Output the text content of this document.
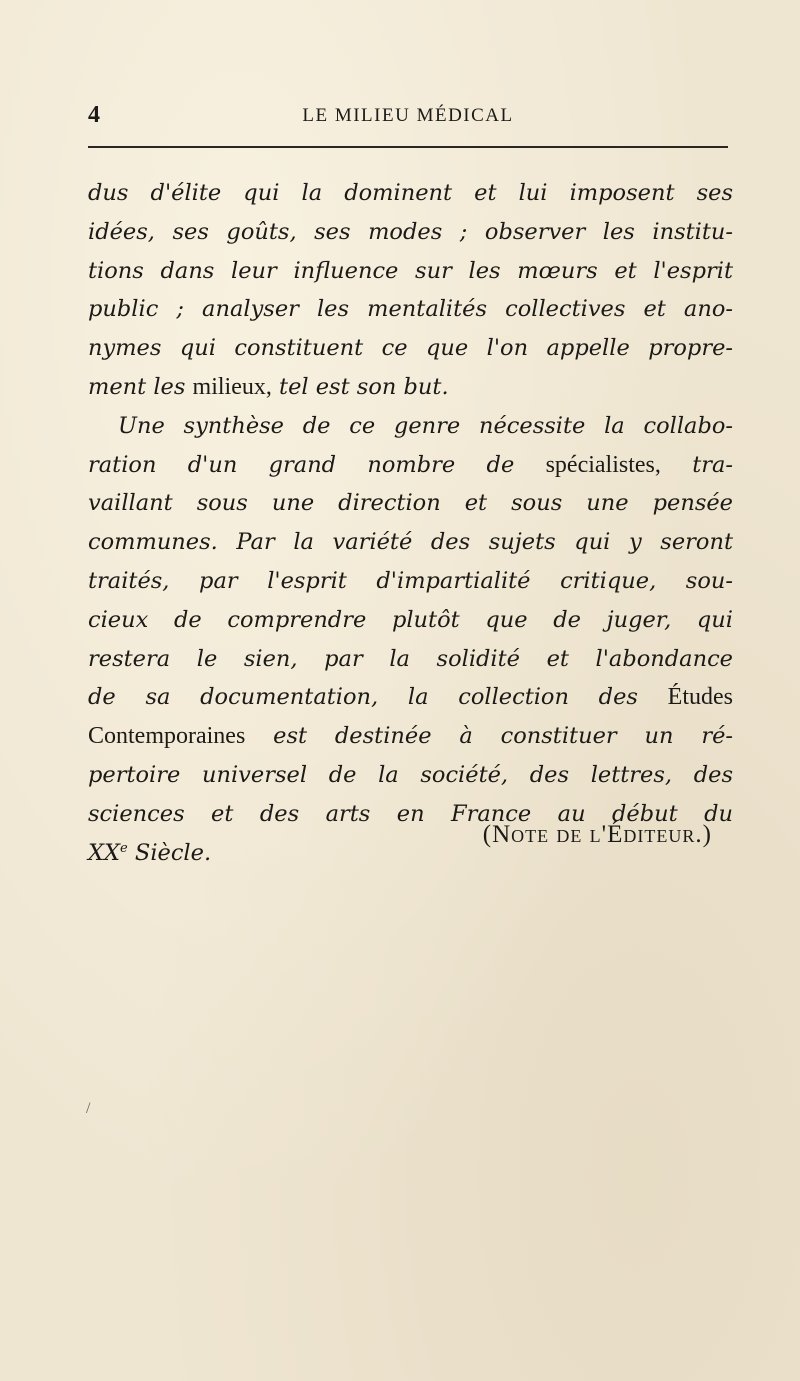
4	LE MILIEU MÉDICAL
dus d'élite qui la dominent et lui imposent ses
idées, ses goûts, ses modes ; observer les institu-
tions dans leur influence sur les mœurs et l'esprit
public ; analyser les mentalités collectives et ano-
nymes qui constituent ce que l'on appelle propre-
ment les milieux, tel est son but.
Une synthèse de ce genre nécessite la collabo-
ration d'un grand nombre de spécialistes, tra-
vaillant sous une direction et sous une pensée
communes. Par la variété des sujets qui y seront
traités, par l'esprit d'impartialité critique, sou-
cieux de comprendre plutôt que de juger, qui
restera le sien, par la solidité et l'abondance
de sa documentation, la collection des Études
Contemporaines est destinée à constituer un ré-
pertoire universel de la société, des lettres, des
sciences et des arts en France au début du
XXe Siècle.
(Note de l'Éditeur.)
/
